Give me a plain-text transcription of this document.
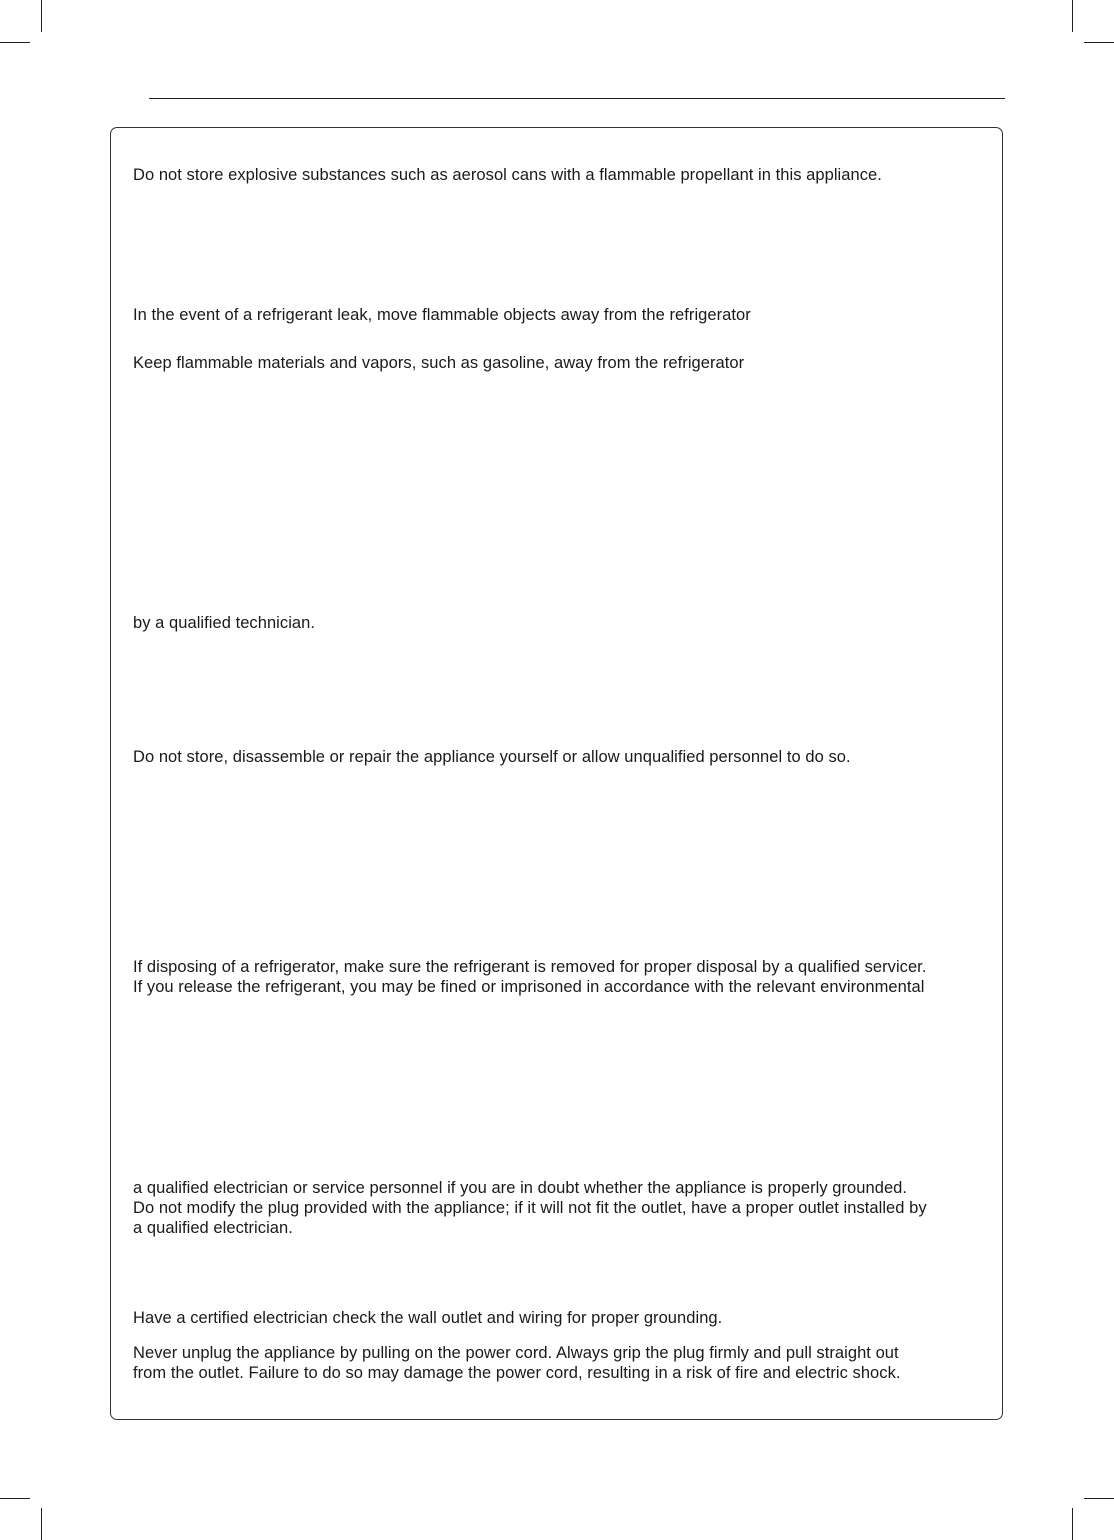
Do not store explosive substances such as aerosol cans with a flammable propellant in this appliance.

In the event of a refrigerant leak, move flammable objects away from the refrigerator

Keep flammable materials and vapors, such as gasoline, away from the refrigerator

by a qualified technician.

Do not store, disassemble or repair the appliance yourself or allow unqualified personnel to do so.

If disposing of a refrigerator, make sure the refrigerant is removed for proper disposal by a qualified servicer.

If you release the refrigerant, you may be fined or imprisoned in accordance with the relevant environmental

a qualified electrician or service personnel if you are in doubt whether the appliance is properly grounded.

Do not modify the plug provided with the appliance; if it will not fit the outlet, have a proper outlet installed by

a qualified electrician.

Have a certified electrician check the wall outlet and wiring for proper grounding.

Never unplug the appliance by pulling on the power cord. Always grip the plug firmly and pull straight out

from the outlet. Failure to do so may damage the power cord, resulting in a risk of fire and electric shock.
